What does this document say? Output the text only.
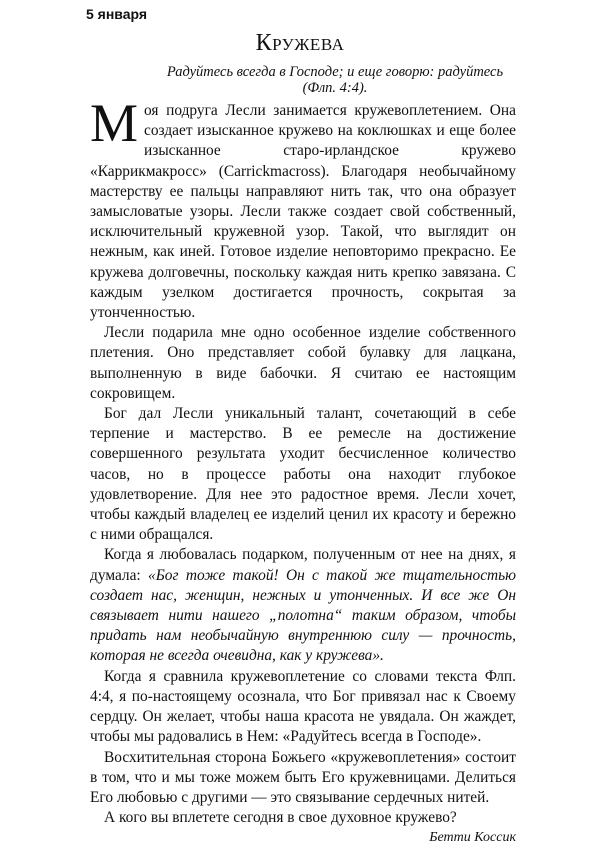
5 января
Кружева
Радуйтесь всегда в Господе; и еще говорю: радуйтесь (Флп. 4:4).

Моя подруга Лесли занимается кружевоплетением. Она создает изысканное кружево на коклюшках и еще более изысканное старо-ирландское кружево «Каррикмакросс» (Carrickmacross). Благодаря необычайному мастерству ее пальцы направляют нить так, что она образует замысловатые узоры. Лесли также создает свой собственный, исключительный кружевной узор. Такой, что выглядит он нежным, как иней. Готовое изделие неповторимо прекрасно. Ее кружева долговечны, поскольку каждая нить крепко завязана. С каждым узелком достигается прочность, сокрытая за утонченностью.

Лесли подарила мне одно особенное изделие собственного плетения. Оно представляет собой булавку для лацкана, выполненную в виде бабочки. Я считаю ее настоящим сокровищем.

Бог дал Лесли уникальный талант, сочетающий в себе терпение и мастерство. В ее ремесле на достижение совершенного результата уходит бесчисленное количество часов, но в процессе работы она находит глубокое удовлетворение. Для нее это радостное время. Лесли хочет, чтобы каждый владелец ее изделий ценил их красоту и бережно с ними обращался.

Когда я любовалась подарком, полученным от нее на днях, я думала: «Бог тоже такой! Он с такой же тщательностью создает нас, женщин, нежных и утонченных. И все же Он связывает нити нашего „полотна“ таким образом, чтобы придать нам необычайную внутреннюю силу — прочность, которая не всегда очевидна, как у кружева».

Когда я сравнила кружевоплетение со словами текста Флп. 4:4, я по-настоящему осознала, что Бог привязал нас к Своему сердцу. Он желает, чтобы наша красота не увядала. Он жаждет, чтобы мы радовались в Нем: «Радуйтесь всегда в Господе».

Восхитительная сторона Божьего «кружевоплетения» состоит в том, что и мы тоже можем быть Его кружевницами. Делиться Его любовью с другими — это связывание сердечных нитей.

А кого вы вплетете сегодня в свое духовное кружево?

Бетти Коссик
